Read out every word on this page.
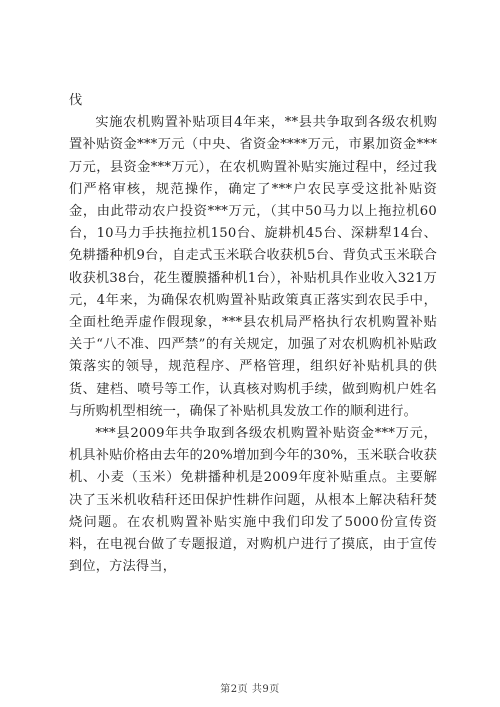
伐

实施农机购置补贴项目4年来，**县共争取到各级农机购置补贴资金***万元（中央、省资金****万元，市累加资金***万元，县资金***万元），在农机购置补贴实施过程中，经过我们严格审核，规范操作，确定了***户农民享受这批补贴资金，由此带动农户投资***万元，（其中50马力以上拖拉机60台，10马力手扶拖拉机150台、旋耕机45台、深耕犁14台、免耕播种机9台，自走式玉米联合收获机5台、背负式玉米联合收获机38台，花生覆膜播种机1台），补贴机具作业收入321万元，4年来，为确保农机购置补贴政策真正落实到农民手中，全面杜绝弄虚作假现象，***县农机局严格执行农机购置补贴关于“八不准、四严禁”的有关规定，加强了对农机购机补贴政策落实的领导，规范程序、严格管理，组织好补贴机具的供货、建档、喷号等工作，认真核对购机手续，做到购机户姓名与所购机型相统一，确保了补贴机具发放工作的顺利进行。

***县2009年共争取到各级农机购置补贴资金***万元，机具补贴价格由去年的20%增加到今年的30%，玉米联合收获机、小麦（玉米）免耕播种机是2009年度补贴重点。主要解决了玉米机收秸秆还田保护性耕作问题，从根本上解决秸秆焚烧问题。在农机购置补贴实施中我们印发了5000份宣传资料，在电视台做了专题报道，对购机户进行了摸底，由于宣传到位，方法得当，

第2页 共9页
